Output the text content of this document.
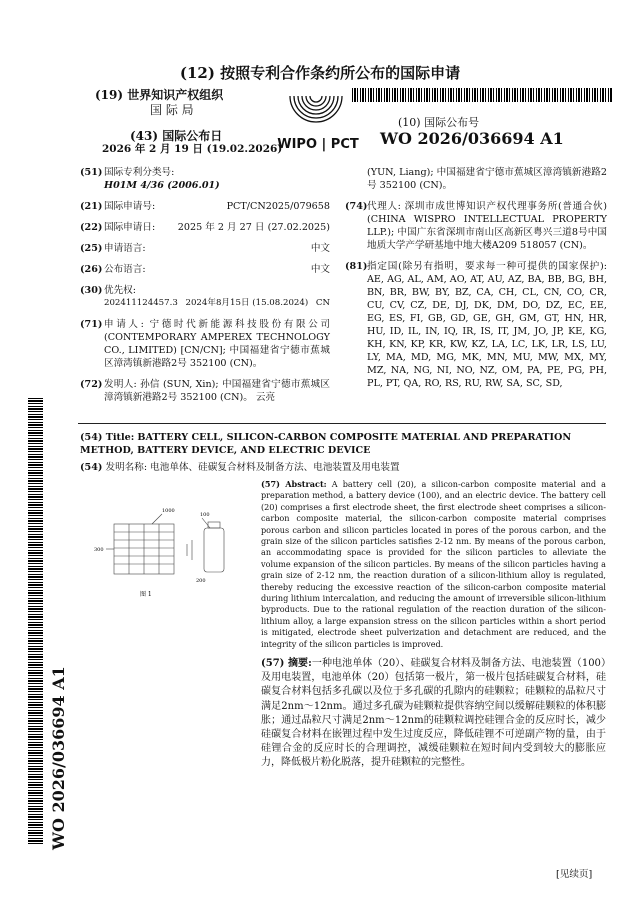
(12) 按照专利合作条约所公布的国际申请
(19) 世界知识产权组织
国 际 局
(43) 国际公布日
2026 年 2 月 19 日 (19.02.2026)
WIPO | PCT
(10) 国际公布号
WO 2026/036694 A1
WO 2026/036694 A1
(51) 国际专利分类号:
H01M 4/36 (2006.01)
(21) 国际申请号:	PCT/CN2025/079658
(22) 国际申请日: 2025 年 2 月 27 日 (27.02.2025)
(25) 申请语言:	中文
(26) 公布语言:	中文
(30) 优先权:
202411124457.3 2024年8月15日 (15.08.2024) CN
(71) 申请人: 宁德时代新能源科技股份有限公司 (CONTEMPORARY AMPEREX TECHNOLOGY CO., LIMITED) [CN/CN]; 中国福建省宁德市蕉城区漳湾镇新港路2号 352100 (CN)。
(72) 发明人: 孙信 (SUN, Xin); 中国福建省宁德市蕉城区漳湾镇新港路2号 352100 (CN)。 云亮
(YUN, Liang); 中国福建省宁德市蕉城区漳湾镇新港路2号 352100 (CN)。
(74) 代理人: 深圳市成世博知识产权代理事务所(普通合伙) (CHINA WISPRO INTELLECTUAL PROPERTY LLP.); 中国广东省深圳市南山区高新区粤兴三道8号中国地质大学产学研基地中地大楼A209 518057 (CN)。
(81) 指定国(除另有指明，要求每一种可提供的国家保护): AE, AG, AL, AM, AO, AT, AU, AZ, BA, BB, BG, BH, BN, BR, BW, BY, BZ, CA, CH, CL, CN, CO, CR, CU, CV, CZ, DE, DJ, DK, DM, DO, DZ, EC, EE, EG, ES, FI, GB, GD, GE, GH, GM, GT, HN, HR, HU, ID, IL, IN, IQ, IR, IS, IT, JM, JO, JP, KE, KG, KH, KN, KP, KR, KW, KZ, LA, LC, LK, LR, LS, LU, LY, MA, MD, MG, MK, MN, MU, MW, MX, MY, MZ, NA, NG, NI, NO, NZ, OM, PA, PE, PG, PH, PL, PT, QA, RO, RS, RU, RW, SA, SC, SD,
(54) Title: BATTERY CELL, SILICON-CARBON COMPOSITE MATERIAL AND PREPARATION METHOD, BATTERY DEVICE, AND ELECTRIC DEVICE
(54) 发明名称: 电池单体、硅碳复合材料及制备方法、电池装置及用电装置
1000
100
300
200
图 1
(57) Abstract: A battery cell (20), a silicon-carbon composite material and a preparation method, a battery device (100), and an electric device. The battery cell (20) comprises a first electrode sheet, the first electrode sheet comprises a silicon-carbon composite material, the silicon-carbon composite material comprises porous carbon and silicon particles located in pores of the porous carbon, and the grain size of the silicon particles satisfies 2-12 nm. By means of the porous carbon, an accommodating space is provided for the silicon particles to alleviate the volume expansion of the silicon particles. By means of the silicon particles having a grain size of 2-12 nm, the reaction duration of a silicon-lithium alloy is regulated, thereby reducing the excessive reaction of the silicon-carbon composite material during lithium intercalation, and reducing the amount of irreversible silicon-lithium byproducts. Due to the rational regulation of the reaction duration of the silicon-lithium alloy, a large expansion stress on the silicon particles within a short period is mitigated, electrode sheet pulverization and detachment are reduced, and the integrity of the silicon particles is improved.
(57) 摘要:一种电池单体（20）、硅碳复合材料及制备方法、电池装置（100）及用电装置，电池单体（20）包括第一极片，第一极片包括硅碳复合材料，硅碳复合材料包括多孔碳以及位于多孔碳的孔隙内的硅颗粒；硅颗粒的晶粒尺寸满足2nm～12nm。通过多孔碳为硅颗粒提供容纳空间以缓解硅颗粒的体积膨胀；通过晶粒尺寸满足2nm～12nm的硅颗粒调控硅锂合金的反应时长，减少硅碳复合材料在嵌锂过程中发生过度反应，降低硅锂不可逆副产物的量，由于硅锂合金的反应时长的合理调控，减缓硅颗粒在短时间内受到较大的膨胀应力，降低极片粉化脱落，提升硅颗粒的完整性。
[见续页]
